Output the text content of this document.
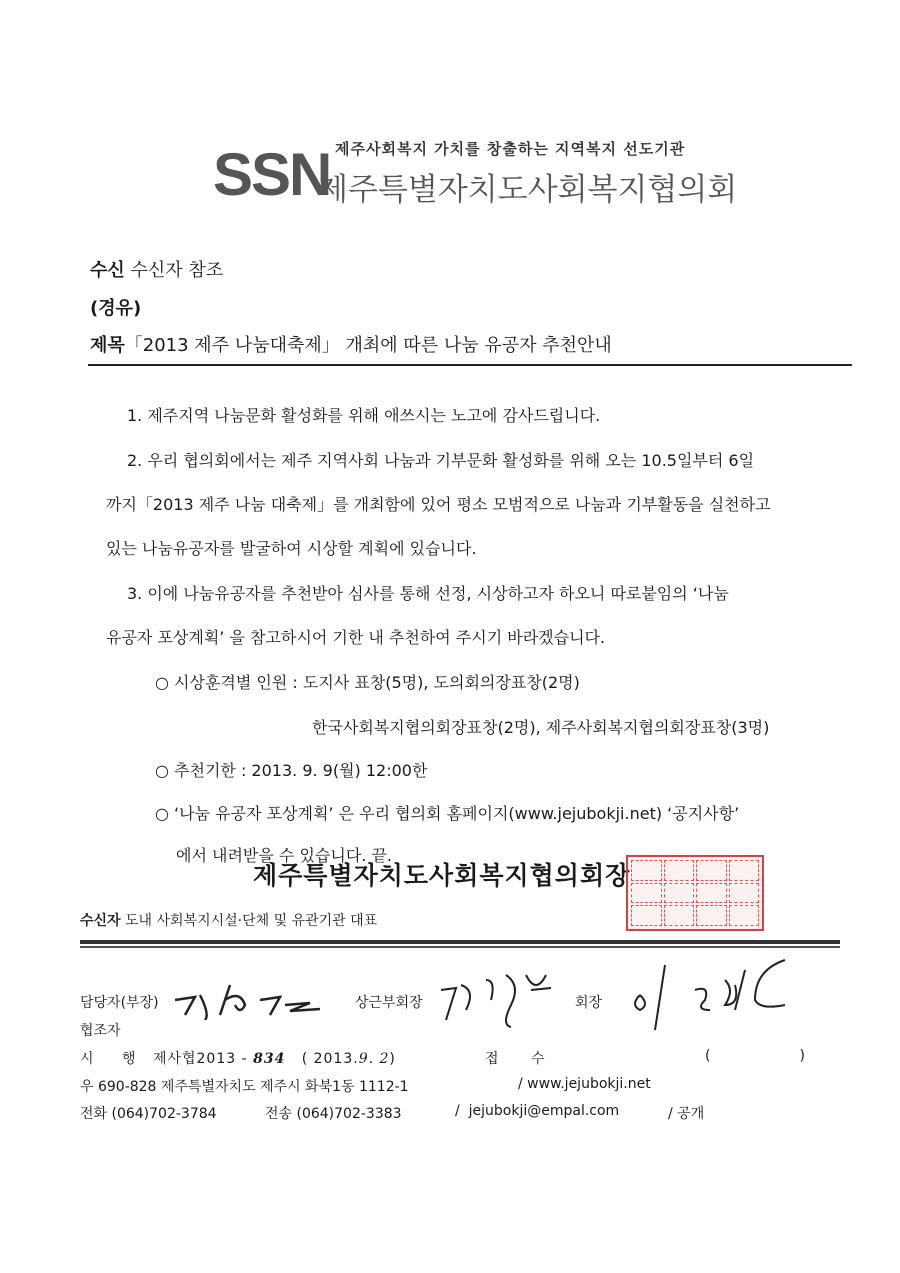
SSN 제주사회복지 가치를 창출하는 지역복지 선도기관
제주특별자치도사회복지협의회
수신 수신자 참조
(경유)
제목「2013 제주 나눔대축제」 개최에 따른 나눔 유공자 추천안내
1. 제주지역 나눔문화 활성화를 위해 애쓰시는 노고에 감사드립니다.
2. 우리 협의회에서는 제주 지역사회 나눔과 기부문화 활성화를 위해 오는 10.5일부터 6일
까지「2013 제주 나눔 대축제」를 개최함에 있어 평소 모범적으로 나눔과 기부활동을 실천하고
있는 나눔유공자를 발굴하여 시상할 계획에 있습니다.
3. 이에 나눔유공자를 추천받아 심사를 통해 선정, 시상하고자 하오니 따로붙임의 ‘나눔
유공자 포상계획’ 을 참고하시어 기한 내 추천하여 주시기 바라겠습니다.
○ 시상훈격별 인원 : 도지사 표창(5명), 도의회의장표창(2명)
한국사회복지협의회장표창(2명), 제주사회복지협의회장표창(3명)
○ 추천기한 : 2013. 9. 9(월) 12:00한
○ ‘나눔 유공자 포상계획’ 은 우리 협의회 홈페이지(www.jejubokji.net) ‘공지사항’
에서 내려받을 수 있습니다. 끝.
제주특별자치도사회복지협의회장
수신자 도내 사회복지시설·단체 및 유관기관 대표
담당자(부장)	상근부회장	회장
협조자
시 행 제사협2013 - 834 ( 2013.9. 2)	접 수	(                    )
우 690-828 제주특별자치도 제주시 화북1동 1112-1	/ www.jejubokji.net
전화 (064)702-3784	전송 (064)702-3383	/  jejubokji@empal.com	/ 공개
